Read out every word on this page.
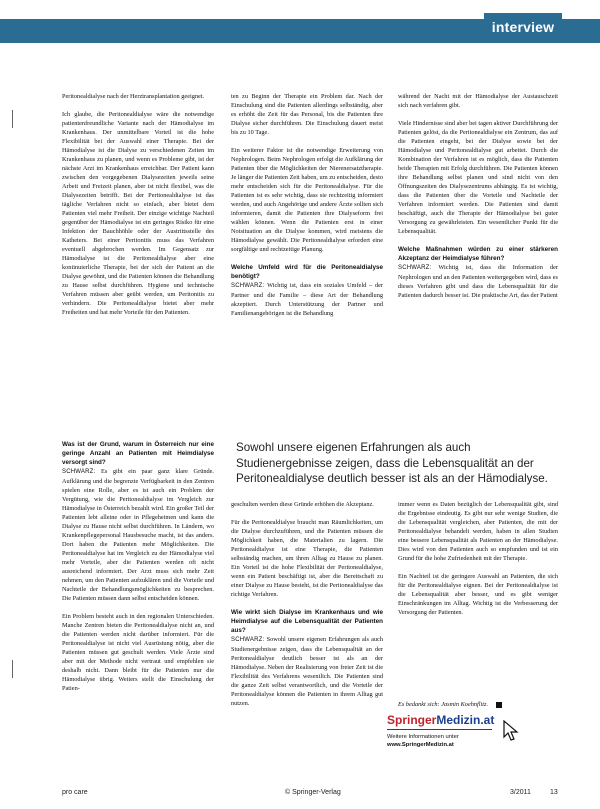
interview

Peritonealdialyse nach der Herztransplantation geeignet.

Ich glaube, die Peritonealdialyse wäre die notwendige patientenfreundliche Variante nach der Hämodialyse im Krankenhaus. Der unmittelbare Vorteil ist die hohe Flexibilität bei der Auswahl einer Therapie. Bei der Hämodialyse ist die Dialyse zu verschiedenen Zeiten im Krankenhaus zu planen, und wenn es Probleme gibt, ist der nächste Arzt im Krankenhaus erreichbar. Der Patient kann zwischen den vorgegebenen Dialysezeiten jeweils seine Arbeit und Freizeit planen, aber ist nicht flexibel, was die Dialysezeiten betrifft. Bei der Peritonealdialyse ist das tägliche Verfahren nicht so einfach, aber bietet dem Patienten viel mehr Freiheit. Der einzige wichtige Nachteil gegenüber der Hämodialyse ist ein geringes Risiko für eine Infektion der Bauchhöhle oder der Austrittsstelle des Katheters. Bei einer Peritonitis muss das Verfahren eventuell abgebrochen werden. Im Gegensatz zur Hämodialyse ist die Peritonealdialyse aber eine kontinuierliche Therapie, bei der sich der Patient an die Dialyse gewöhnt, und die Patienten können die Behandlung zu Hause selbst durchführen. Hygiene und technische Verfahren müssen aber geübt werden, um Peritonitis zu verhindern. Die Peritonealdialyse bietet aber mehr Freiheiten und hat mehr Vorteile für den Patienten.

Was ist der Grund, warum in Österreich nur eine geringe Anzahl an Patienten mit Heimdialyse versorgt sind?

SCHWARZ: Es gibt ein paar ganz klare Gründe. Aufklärung und die begrenzte Verfügbarkeit in den Zentren spielen eine Rolle, aber es ist auch ein Problem der Vergütung, wie die Peritonealdialyse im Vergleich zur Hämodialyse in Österreich bezahlt wird. Ein großer Teil der Patienten lebt alleine oder in Pflegeheimen und kann die Dialyse zu Hause nicht selbst durchführen. In Ländern, wo Krankenpflegepersonal Hausbesuche macht, ist das anders. Dort haben die Patienten mehr Möglichkeiten. Die Peritonealdialyse hat im Vergleich zu der Hämodialyse viel mehr Vorteile, aber die Patienten werden oft nicht ausreichend informiert. Der Arzt muss sich mehr Zeit nehmen, um den Patienten aufzuklären und die Vorteile und Nachteile der Behandlungsmöglichkeiten zu besprechen. Die Patienten müssen dann selbst entscheiden können.

Ein Problem besteht auch in den regionalen Unterschieden. Manche Zentren bieten die Peritonealdialyse nicht an, und die Patienten werden nicht darüber informiert. Für die Peritonealdialyse ist nicht viel Ausrüstung nötig, aber die Patienten müssen gut geschult werden. Viele Ärzte sind aber mit der Methode nicht vertraut und empfehlen sie deshalb nicht. Dann bleibt für die Patienten nur die Hämodialyse übrig. Weiters stellt die Einschulung der Patien-

ten zu Beginn der Therapie ein Problem dar. Nach der Einschulung sind die Patienten allerdings selbständig, aber es erhöht die Zeit für das Personal, bis die Patienten ihre Dialyse sicher durchführen. Die Einschulung dauert meist bis zu 10 Tage.

Ein weiterer Faktor ist die notwendige Erweiterung von Nephrologen. Beim Nephrologen erfolgt die Aufklärung der Patienten über die Möglichkeiten der Nierenersatztherapie. Je länger die Patienten Zeit haben, um zu entscheiden, desto mehr entscheiden sich für die Peritonealdialyse. Für die Patienten ist es sehr wichtig, dass sie rechtzeitig informiert werden, und auch Angehörige und andere Ärzte sollten sich informieren, damit die Patienten ihre Dialyseform frei wählen können. Wenn die Patienten erst in einer Notsituation an die Dialyse kommen, wird meistens die Hämodialyse gewählt. Die Peritonealdialyse erfordert eine sorgfältige und rechtzeitige Planung.

Welche Umfeld wird für die Peritonealdialyse benötigt?

SCHWARZ: Wichtig ist, dass ein soziales Umfeld – der Partner und die Familie – diese Art der Behandlung akzeptiert. Durch Unterstützung der Partner und Familienangehörigen ist die Behandlung

während der Nacht mit der Hämodialyse der Austauschzeit sich nach verfahren gibt.

Viele Hindernisse sind aber bei tagen aktiver Durchführung der Patienten gelöst, da die Peritonealdialyse ein Zentrum, das auf die Patienten eingeht, bei der Dialyse sowie bei der Hämodialyse und Peritonealdialyse gut arbeitet. Durch die Kombination der Verfahren ist es möglich, dass die Patienten beide Therapien mit Erfolg durchführen. Die Patienten können ihre Behandlung selbst planen und sind nicht von den Öffnungszeiten des Dialysezentrums abhängig. Es ist wichtig, dass die Patienten über die Vorteile und Nachteile der Verfahren informiert werden. Die Patienten sind damit beschäftigt, auch die Therapie der Hämodialyse bei guter Versorgung zu gewährleisten. Ein wesentlicher Punkt für die Lebensqualität.

Welche Maßnahmen würden zu einer stärkeren Akzeptanz der Heimdialyse führen?

SCHWARZ: Wichtig ist, dass die Information der Nephrologen und an den Patienten weitergegeben wird, dass es dieses Verfahren gibt und dass die Lebensqualität für die Patienten dadurch besser ist. Die praktische Art, das der Patient

Sowohl unsere eigenen Erfahrungen als auch Studienergebnisse zeigen, dass die Lebensqualität an der Peritonealdialyse deutlich besser ist als an der Hämodialyse.

geschulten werden diese Gründe erhöhen die Akzeptanz.

Für die Peritonealdialyse braucht man Räumlichkeiten, um die Dialyse durchzuführen, und die Patienten müssen die Möglichkeit haben, die Materialien zu lagern. Die Peritonealdialyse ist eine Therapie, die Patienten selbständig machen, um ihren Alltag zu Hause zu planen. Ein Vorteil ist die hohe Flexibilität der Peritonealdialyse, wenn ein Patient beschäftigt ist, aber die Bereitschaft zu einer Dialyse zu Hause besteht, ist die Peritonealdialyse das richtige Verfahren.

Wie wirkt sich Dialyse im Krankenhaus und wie Heimdialyse auf die Lebensqualität der Patienten aus?

SCHWARZ: Sowohl unsere eigenen Erfahrungen als auch Studienergebnisse zeigen, dass die Lebensqualität an der Peritonealdialyse deutlich besser ist als an der Hämodialyse. Neben der Realisierung von freier Zeit ist die Flexibilität des Verfahrens wesentlich. Die Patienten sind die ganze Zeit selbst verantwortlich, und die Vorteile der Peritonealdialyse können die Patienten in ihrem Alltag gut nutzen.

immer wenn es Daten bezüglich der Lebensqualität gibt, sind die Ergebnisse eindeutig. Es gibt nur sehr wenige Studien, die die Lebensqualität vergleichen, aber Patienten, die mit der Peritonealdialyse behandelt werden, haben in allen Studien eine bessere Lebensqualität als Patienten an der Hämodialyse. Dies wird von den Patienten auch so empfunden und ist ein Grund für die hohe Zufriedenheit mit der Therapie.

Ein Nachteil ist die geringere Auswahl an Patienten, die sich für die Peritonealdialyse eignen. Bei der Peritonealdialyse ist die Lebensqualität aber besser, und es gibt weniger Einschränkungen im Alltag. Wichtig ist die Verbesserung der Versorgung der Patienten.

Es bedankt sich: Jasmin Koehnflitz.
SpringerMedizin.at
Weitere Informationen unter
www.SpringerMedizin.at
pro care	© Springer-Verlag	3/2011	13
